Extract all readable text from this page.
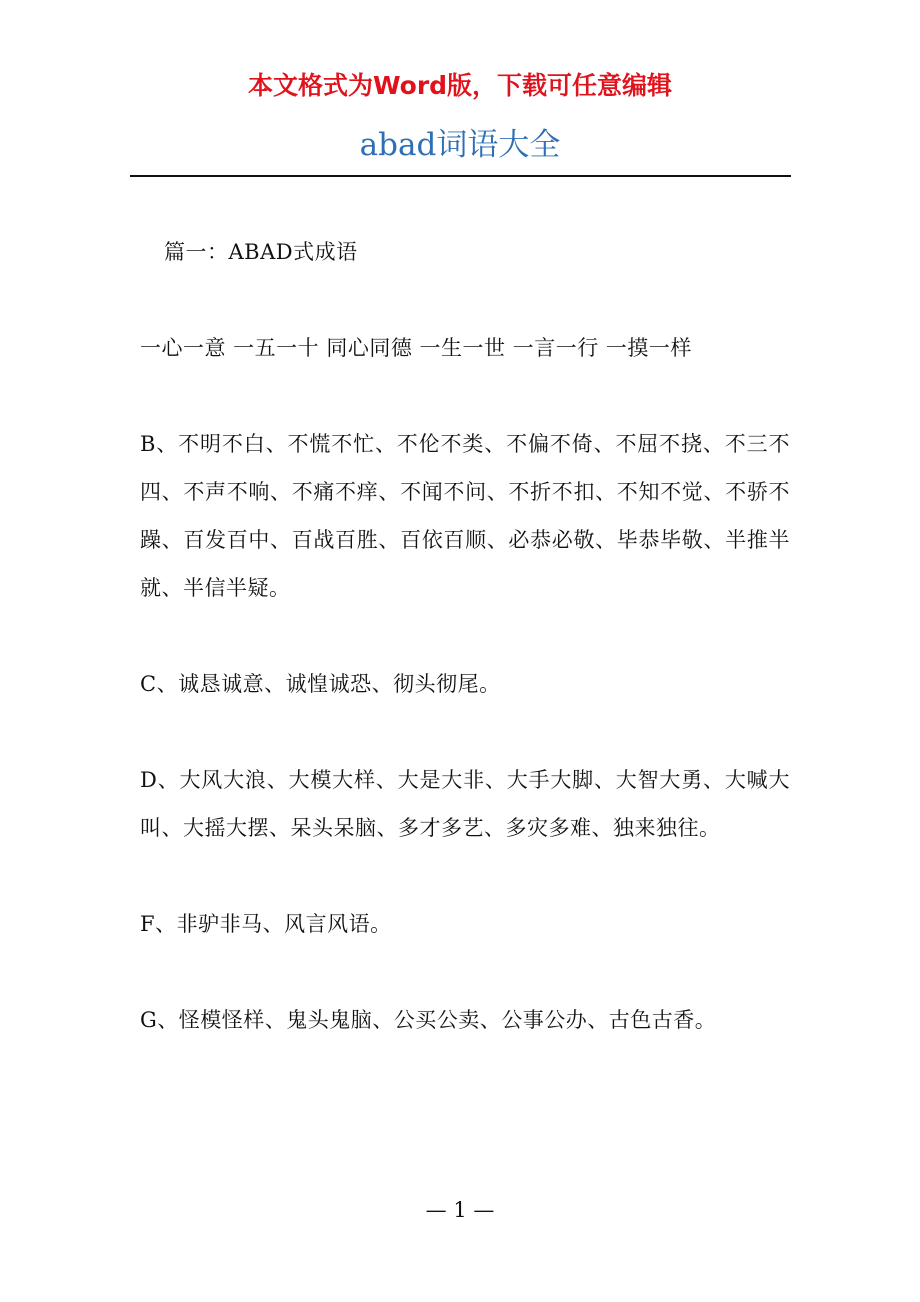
本文格式为Word版，下载可任意编辑
abad词语大全

篇一：ABAD式成语

一心一意 一五一十 同心同德 一生一世 一言一行 一摸一样

B、不明不白、不慌不忙、不伦不类、不偏不倚、不屈不挠、不三不四、不声不响、不痛不痒、不闻不问、不折不扣、不知不觉、不骄不躁、百发百中、百战百胜、百依百顺、必恭必敬、毕恭毕敬、半推半就、半信半疑。

C、诚恳诚意、诚惶诚恐、彻头彻尾。

D、大风大浪、大模大样、大是大非、大手大脚、大智大勇、大喊大叫、大摇大摆、呆头呆脑、多才多艺、多灾多难、独来独往。

F、非驴非马、风言风语。

G、怪模怪样、鬼头鬼脑、公买公卖、公事公办、古色古香。

— 1 —
